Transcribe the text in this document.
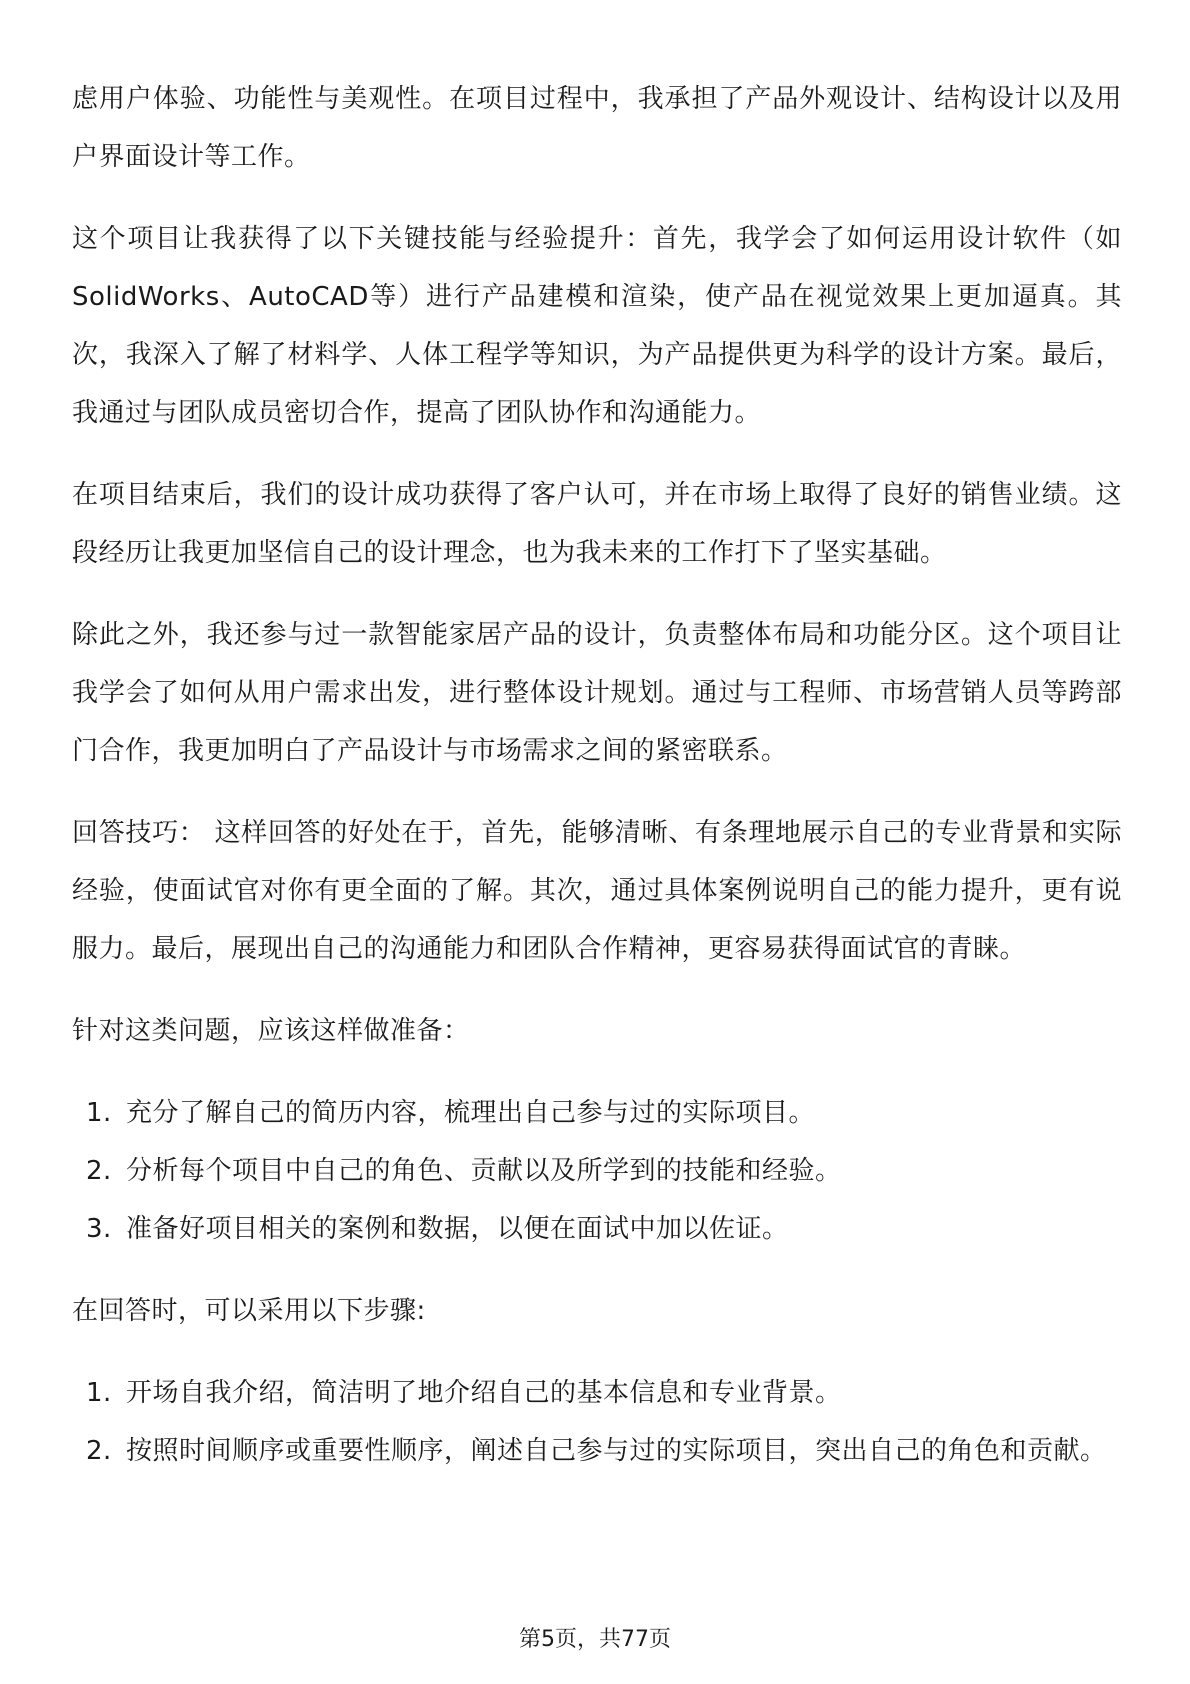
虑用户体验、功能性与美观性。在项目过程中，我承担了产品外观设计、结构设计以及用户界面设计等工作。

这个项目让我获得了以下关键技能与经验提升：首先，我学会了如何运用设计软件（如SolidWorks、AutoCAD等）进行产品建模和渲染，使产品在视觉效果上更加逼真。其次，我深入了解了材料学、人体工程学等知识，为产品提供更为科学的设计方案。最后，我通过与团队成员密切合作，提高了团队协作和沟通能力。

在项目结束后，我们的设计成功获得了客户认可，并在市场上取得了良好的销售业绩。这段经历让我更加坚信自己的设计理念，也为我未来的工作打下了坚实基础。

除此之外，我还参与过一款智能家居产品的设计，负责整体布局和功能分区。这个项目让我学会了如何从用户需求出发，进行整体设计规划。通过与工程师、市场营销人员等跨部门合作，我更加明白了产品设计与市场需求之间的紧密联系。

回答技巧： 这样回答的好处在于，首先，能够清晰、有条理地展示自己的专业背景和实际经验，使面试官对你有更全面的了解。其次，通过具体案例说明自己的能力提升，更有说服力。最后，展现出自己的沟通能力和团队合作精神，更容易获得面试官的青睐。

针对这类问题，应该这样做准备：

1. 充分了解自己的简历内容，梳理出自己参与过的实际项目。
2. 分析每个项目中自己的角色、贡献以及所学到的技能和经验。
3. 准备好项目相关的案例和数据，以便在面试中加以佐证。

在回答时，可以采用以下步骤:

1. 开场自我介绍，简洁明了地介绍自己的基本信息和专业背景。
2. 按照时间顺序或重要性顺序，阐述自己参与过的实际项目，突出自己的角色和贡献。
第5页，共77页
